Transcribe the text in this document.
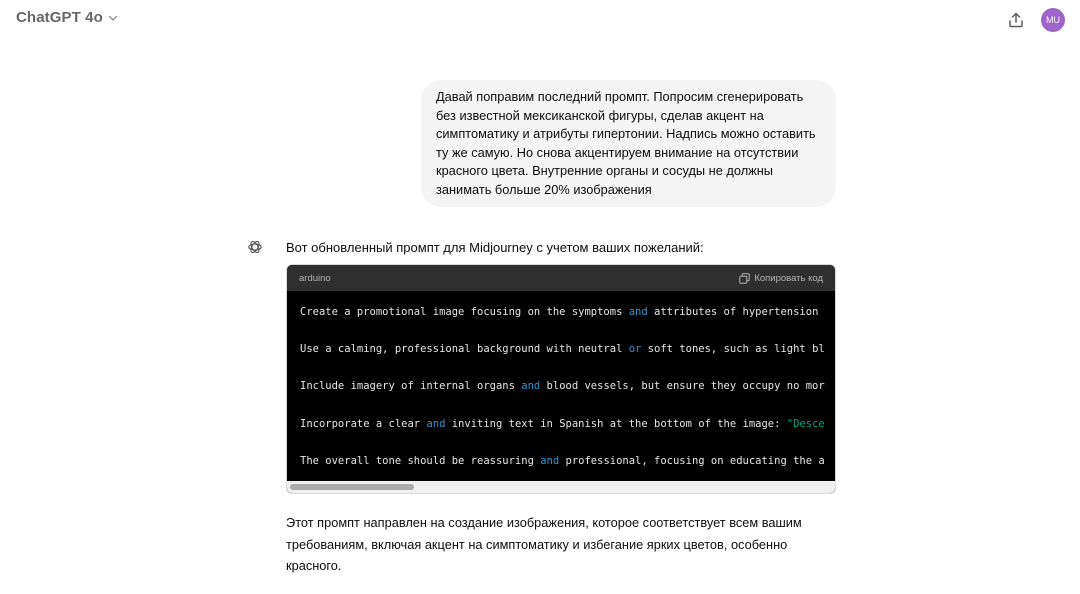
ChatGPT 4o	MU
Давай поправим последний промпт. Попросим сгенерировать
без известной мексиканской фигуры, сделав акцент на
симптоматику и атрибуты гипертонии. Надпись можно оставить
ту же самую. Но снова акцентируем внимание на отсутствии
красного цвета. Внутренние органы и сосуды не должны
занимать больше 20% изображения
Вот обновленный промпт для Midjourney с учетом ваших пожеланий:
arduino	Копировать код
Create a promotional image focusing on the symptoms and attributes of hypertension
Use a calming, professional background with neutral or soft tones, such as light bl
Include imagery of internal organs and blood vessels, but ensure they occupy no mor
Incorporate a clear and inviting text in Spanish at the bottom of the image: "Desce
The overall tone should be reassuring and professional, focusing on educating the a
Этот промпт направлен на создание изображения, которое соответствует всем вашим
требованиям, включая акцент на симптоматику и избегание ярких цветов, особенно
красного.
